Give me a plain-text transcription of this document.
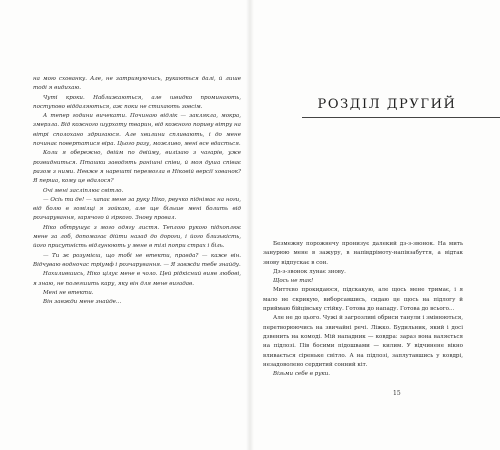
на мою схованку. Але, не затримуючись, рукаються далі, й лише тоді я видихаю.

Чуті кроки. Наближаються, але швидко проминають, поступово віддаляються, аж поки не стихають зовсім.

А тепер години вичекати. Починаю відлік — заклякла, мокра, змерзла. Від кожного шурхоту тварин, від кожного пориву вітру на вітрі сполохано здригаюся. Але хвилини спливають, і до мене починає повертатися віра. Цього разу, можливо, мені все вдасться.

Коли я обережно, двійм по двійму, вилізаю з чагарів, уже розвидниться. Пташки заводять ранішні співи, й моя душа співає разом з ними. Невже я нарешті перемогла в Ніковій версії хованок? Я перша, кому це вдалося?

Очі мені засліплює світло.

— Осіь ти де! — хапає мене за руку Ніко, рвучко піднімає на ноги, від болю в гомілці я зойкаю, але ще більше мені болить від розчарування, гарячого й гіркого. Знову провал.

Ніко обтрушує з мого одягу листя. Теплою рукою підхоплює мене за лоб, допомагає дійти назад до дороги, і його близькість, його присутність відлунюють у мене в тілі попри страх і біль.

— Ти ж розумієш, що тобі не втекти, правда? — каже він. Відчуваю водночас тріумф і розчарування. — Я завжди тебе знайду.

Нахилившись, Ніко цілує мене в чоло. Цей рідкісний вияв любові, я знаю, не полегшить кару, яку він для мене вигадав.

Мені не втекти.

Він завжди мене знайде...

РОЗДІЛ ДРУГИЙ

Безмежну порожнечу пронизує далекий дз-з-звонок. На мить занурюю мене в зажуру, в напівдрімоту-напівзабуття, а відтак знову відпускає в сон.

Дз-з-звонок лунає знову.

Щось не так!

Миттєво прокидаюся, підскакую, але щось мене тримає, і я мало не скрикую, вибоpсавшись, сидаю це щось на підлогу й приймаю бійцівську стійку. Готова до нападу. Готова до всього...

Але не до цього. Чужі й загрозливі обриси танули і змінюються, перетворюючись на звичайні речі. Ліжко. Будильник, який і досі дзвенить на комоді. Мій нападник — ковдра: зараз вона валяється на підлозі. Пів босими підошвами — килим. У відчинене вікно вливається сіреньке світло. А на підлозі, заплутавшись у ковдрі, незадоволено сердитий сонний кіт.

Візьми себе в руки.

15
